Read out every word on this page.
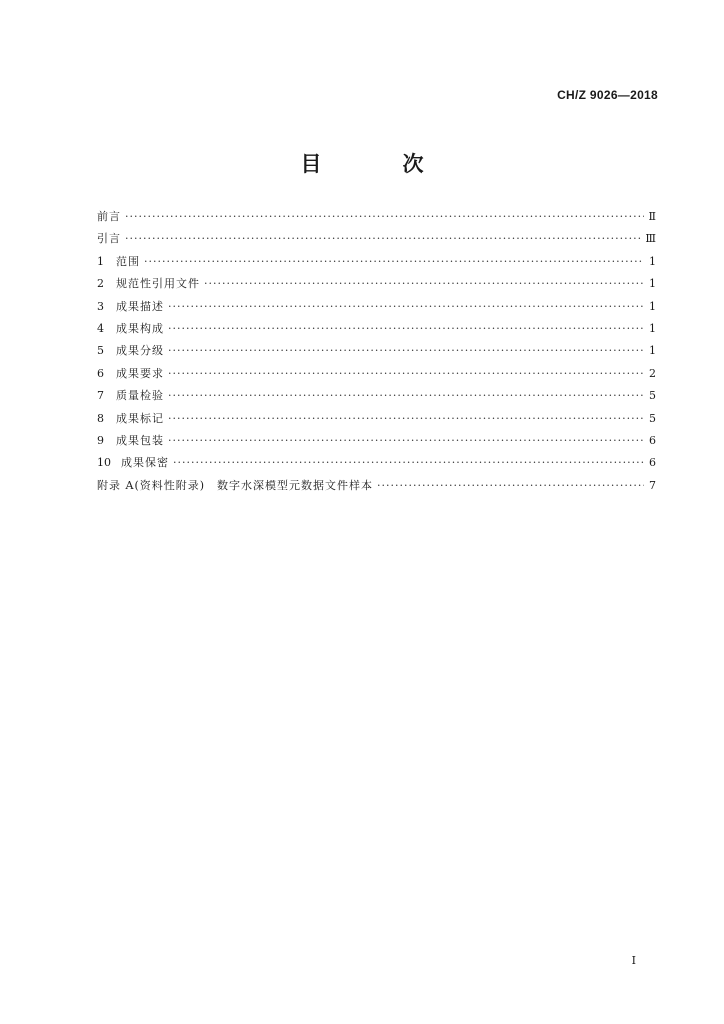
CH/Z 9026—2018
目　次
前言 ·····	Ⅱ
引言 ·····	Ⅲ
1	范围 ·····	1
2	规范性引用文件 ·····	1
3	成果描述 ·····	1
4	成果构成 ·····	1
5	成果分级 ·····	1
6	成果要求 ·····	2
7	质量检验 ·····	5
8	成果标记 ·····	5
9	成果包装 ·····	6
10 成果保密 ·····	6
附录 A(资料性附录)　数字水深模型元数据文件样本 ·····	7
I
